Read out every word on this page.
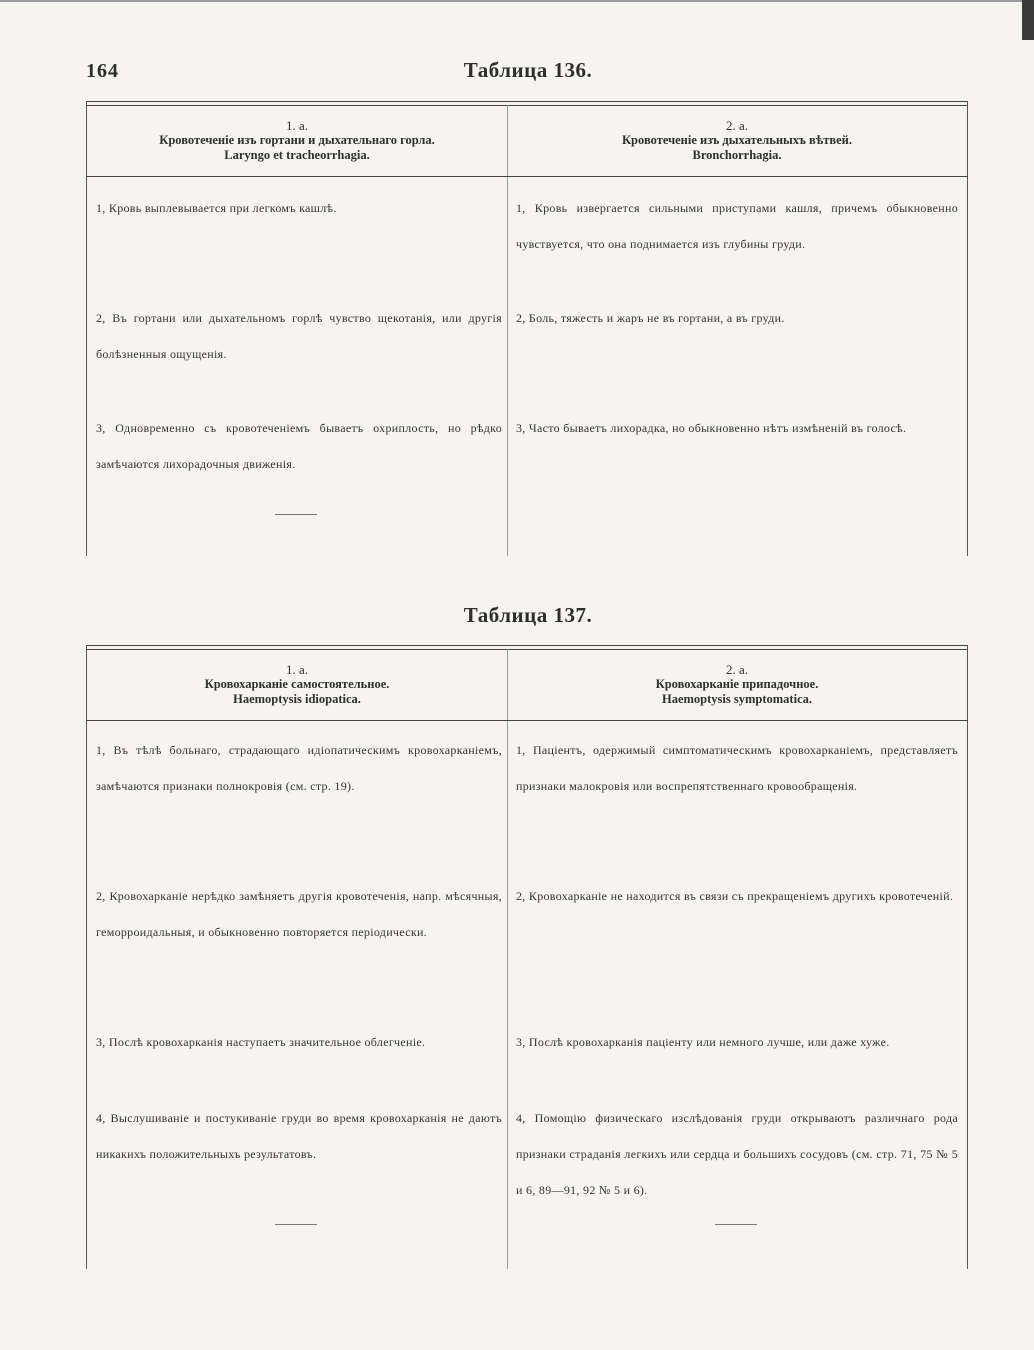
164	Таблица 136.
1. а.
Кровотеченіе изъ гортани и дыхательнаго горла.
Laryngo et tracheorrhagia.
2. а.
Кровотеченіе изъ дыхательныхъ вѣтвей.
Bronchorrhagia.
1, Кровь выплевывается при легкомъ кашлѣ.
2, Въ гортани или дыхательномъ горлѣ чувство щекотанія, или другія болѣзненныя ощущенія.
3, Одновременно съ кровотеченіемъ бываетъ охриплость, но рѣдко замѣчаются лихорадочныя движенія.
1, Кровь извергается сильными приступами кашля, причемъ обыкновенно чувствуется, что она поднимается изъ глубины груди.
2, Боль, тяжесть и жаръ не въ гортани, а въ груди.
3, Часто бываетъ лихорадка, но обыкновенно нѣтъ измѣненій въ голосѣ.
Таблица 137.
1. а.
Кровохарканіе самостоятельное.
Haemoptysis idiopatica.
2. а.
Кровохарканіе припадочное.
Haemoptysis symptomatica.
1, Въ тѣлѣ больнаго, страдающаго идіопатическимъ кровохарканіемъ, замѣчаются признаки полнокровія (см. стр. 19).
2, Кровохарканіе нерѣдко замѣняетъ другія кровотеченія, напр. мѣсячныя, геморроидальныя, и обыкновенно повторяется періодически.
3, Послѣ кровохарканія наступаетъ значительное облегченіе.
4, Выслушиваніе и постукиваніе груди во время кровохарканія не даютъ никакихъ положительныхъ результатовъ.
1, Паціентъ, одержимый симптоматическимъ кровохарканіемъ, представляетъ признаки малокровія или воспрепятственнаго кровообращенія.
2, Кровохарканіе не находится въ связи съ прекращеніемъ другихъ кровотеченій.
3, Послѣ кровохарканія паціенту или немного лучше, или даже хуже.
4, Помощію физическаго изслѣдованія груди открываютъ различнаго рода признаки страданія легкихъ или сердца и большихъ сосудовъ (см. стр. 71, 75 № 5 и 6, 89—91, 92 № 5 и 6).
